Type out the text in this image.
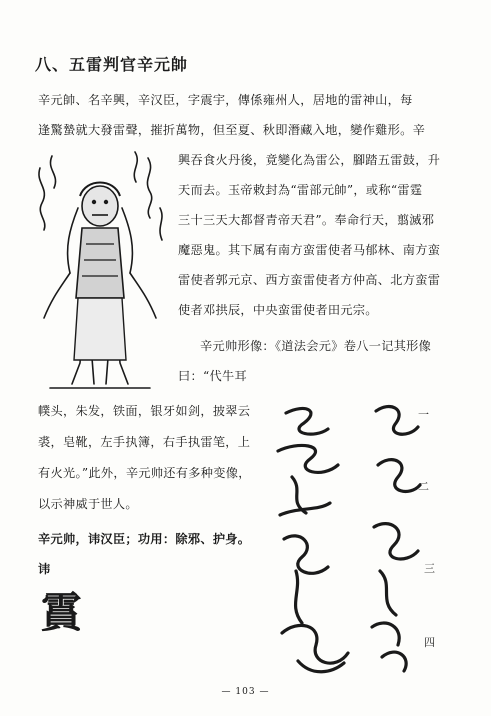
八、五雷判官辛元帥
辛元帥、名辛興，辛汉臣，字震宇，傳係雍州人，居地的雷神山，每
逢驚蟄就大發雷聲，摧折萬物，但至夏、秋即潛藏入地，變作雞形。辛
興吞食火丹後，竟變化為雷公，腳踏五雷鼓，升
天而去。玉帝敕封為“雷部元帥”，或称“雷霆
三十三天大都督青帝天君”。奉命行天，翦滅邪
魔惡鬼。其下属有南方蛮雷使者马郁林、南方蛮
雷使者郭元京、西方蛮雷使者方仲高、北方蛮雷
使者邓拱辰，中央蛮雷使者田元宗。
辛元帅形像：《道法会元》卷八一记其形像
曰：“代牛耳
幞头，朱发，铁面，银牙如剑，披翠云
裘，皂靴，左手执簿，右手执雷笔，上
有火光。”此外，辛元帅还有多种变像，
以示神威于世人。
辛元帅，讳汉臣；功用：除邪、护身。
讳
霣
一
二
三
四
— 103 —
